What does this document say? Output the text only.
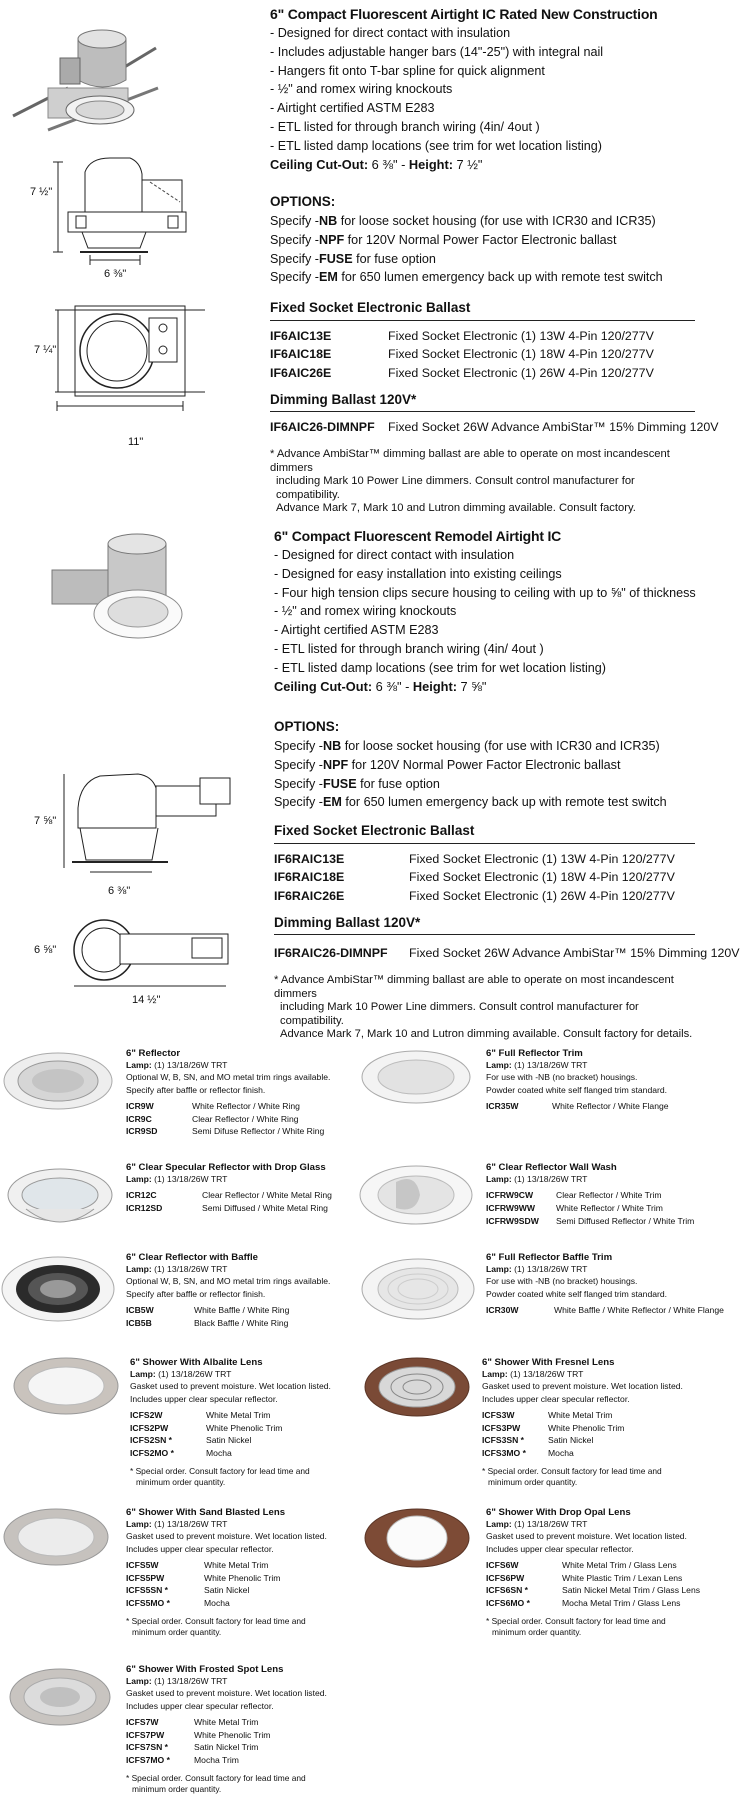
7 ½"
6 ⅜"
7 ¼"
11"
6" Compact Fluorescent Airtight IC Rated New Construction
- Designed for direct contact with insulation
- Includes adjustable hanger bars (14"-25") with integral nail
- Hangers fit onto T-bar spline for quick alignment
- ½" and romex wiring knockouts
- Airtight certified ASTM E283
- ETL listed for through branch wiring (4in/ 4out )
- ETL listed damp locations (see trim for wet location listing)
Ceiling Cut-Out: 6 ⅜" - Height: 7 ½"
OPTIONS:
Specify -NB for loose socket housing (for use with ICR30 and ICR35)
Specify -NPF for 120V Normal Power Factor Electronic ballast
Specify -FUSE for fuse option
Specify -EM for 650 lumen emergency back up with remote test switch
Fixed Socket Electronic Ballast
IF6AIC13E	Fixed Socket Electronic (1) 13W 4-Pin 120/277V
IF6AIC18E	Fixed Socket Electronic (1) 18W 4-Pin 120/277V
IF6AIC26E	Fixed Socket Electronic (1) 26W 4-Pin 120/277V
Dimming Ballast 120V*
IF6AIC26-DIMNPF Fixed Socket 26W Advance AmbiStar™ 15% Dimming 120V
* Advance AmbiStar™ dimming ballast are able to operate on most incandescent dimmers
including Mark 10 Power Line dimmers. Consult control manufacturer for compatibility.
Advance Mark 7, Mark 10 and Lutron dimming available. Consult factory.
7 ⅝"
6 ⅜"
6 ⅝"
14 ½"
6" Compact Fluorescent Remodel Airtight IC
- Designed for direct contact with insulation
- Designed for easy installation into existing ceilings
- Four high tension clips secure housing to ceiling with up to ⅝" of thickness
- ½" and romex wiring knockouts
- Airtight certified ASTM E283
- ETL listed for through branch wiring (4in/ 4out )
- ETL listed damp locations (see trim for wet location listing)
Ceiling Cut-Out: 6 ⅜" - Height: 7 ⅝"
OPTIONS:
Specify -NB for loose socket housing (for use with ICR30 and ICR35)
Specify -NPF for 120V Normal Power Factor Electronic ballast
Specify -FUSE for fuse option
Specify -EM for 650 lumen emergency back up with remote test switch
Fixed Socket Electronic Ballast
IF6RAIC13E	Fixed Socket Electronic (1) 13W 4-Pin 120/277V
IF6RAIC18E	Fixed Socket Electronic (1) 18W 4-Pin 120/277V
IF6RAIC26E	Fixed Socket Electronic (1) 26W 4-Pin 120/277V
Dimming Ballast 120V*
IF6RAIC26-DIMNPF Fixed Socket 26W Advance AmbiStar™ 15% Dimming 120V
* Advance AmbiStar™ dimming ballast are able to operate on most incandescent dimmers
including Mark 10 Power Line dimmers. Consult control manufacturer for compatibility.
Advance Mark 7, Mark 10 and Lutron dimming available. Consult factory for details.
6" Reflector
Lamp: (1) 13/18/26W TRT
Optional W, B, SN, and MO metal trim rings available.
Specify after baffle or reflector finish.
ICR9W	White Reflector / White Ring
ICR9C	Clear Reflector / White Ring
ICR9SD	Semi Difuse Reflector / White Ring
6" Clear Specular Reflector with Drop Glass
Lamp: (1) 13/18/26W TRT
ICR12C	Clear Reflector / White Metal Ring
ICR12SD	Semi Diffused / White Metal Ring
6" Clear Reflector with Baffle
Lamp: (1) 13/18/26W TRT
Optional W, B, SN, and MO metal trim rings available.
Specify after baffle or reflector finish.
ICB5W	White Baffle / White Ring
ICB5B	Black Baffle / White Ring
6" Shower With Albalite Lens
Lamp: (1) 13/18/26W TRT
Gasket used to prevent moisture. Wet location listed.
Includes upper clear specular reflector.
ICFS2W	White Metal Trim
ICFS2PW	White Phenolic Trim
ICFS2SN *	Satin Nickel
ICFS2MO *	Mocha
* Special order. Consult factory for lead time and
minimum order quantity.
6" Shower With Sand Blasted Lens
Lamp: (1) 13/18/26W TRT
Gasket used to prevent moisture. Wet location listed.
Includes upper clear specular reflector.
ICFS5W	White Metal Trim
ICFS5PW	White Phenolic Trim
ICFS5SN *	Satin Nickel
ICFS5MO *	Mocha
* Special order. Consult factory for lead time and
minimum order quantity.
6" Shower With Frosted Spot Lens
Lamp: (1) 13/18/26W TRT
Gasket used to prevent moisture. Wet location listed.
Includes upper clear specular reflector.
ICFS7W	White Metal Trim
ICFS7PW	White Phenolic Trim
ICFS7SN *	Satin Nickel Trim
ICFS7MO *	Mocha Trim
* Special order. Consult factory for lead time and
minimum order quantity.
6" Full Reflector Trim
Lamp: (1) 13/18/26W TRT
For use with -NB (no bracket) housings.
Powder coated white self flanged trim standard.
ICR35W	White Reflector / White Flange
6" Clear Reflector Wall Wash
Lamp: (1) 13/18/26W TRT
ICFRW9CW	Clear Reflector / White Trim
ICFRW9WW White Reflector / White Trim
ICFRW9SDW Semi Diffused Reflector / White Trim
6" Full Reflector Baffle Trim
Lamp: (1) 13/18/26W TRT
For use with -NB (no bracket) housings.
Powder coated white self flanged trim standard.
ICR30W	White Baffle / White Reflector / White Flange
6" Shower With Fresnel Lens
Lamp: (1) 13/18/26W TRT
Gasket used to prevent moisture. Wet location listed.
Includes upper clear specular reflector.
ICFS3W	White Metal Trim
ICFS3PW	White Phenolic Trim
ICFS3SN *	Satin Nickel
ICFS3MO *	Mocha
* Special order. Consult factory for lead time and
minimum order quantity.
6" Shower With Drop Opal Lens
Lamp: (1) 13/18/26W TRT
Gasket used to prevent moisture. Wet location listed.
Includes upper clear specular reflector.
ICFS6W	White Metal Trim / Glass Lens
ICFS6PW	White Plastic Trim / Lexan Lens
ICFS6SN *	Satin Nickel Metal Trim / Glass Lens
ICFS6MO *	Mocha Metal Trim / Glass Lens
* Special order. Consult factory for lead time and
minimum order quantity.
